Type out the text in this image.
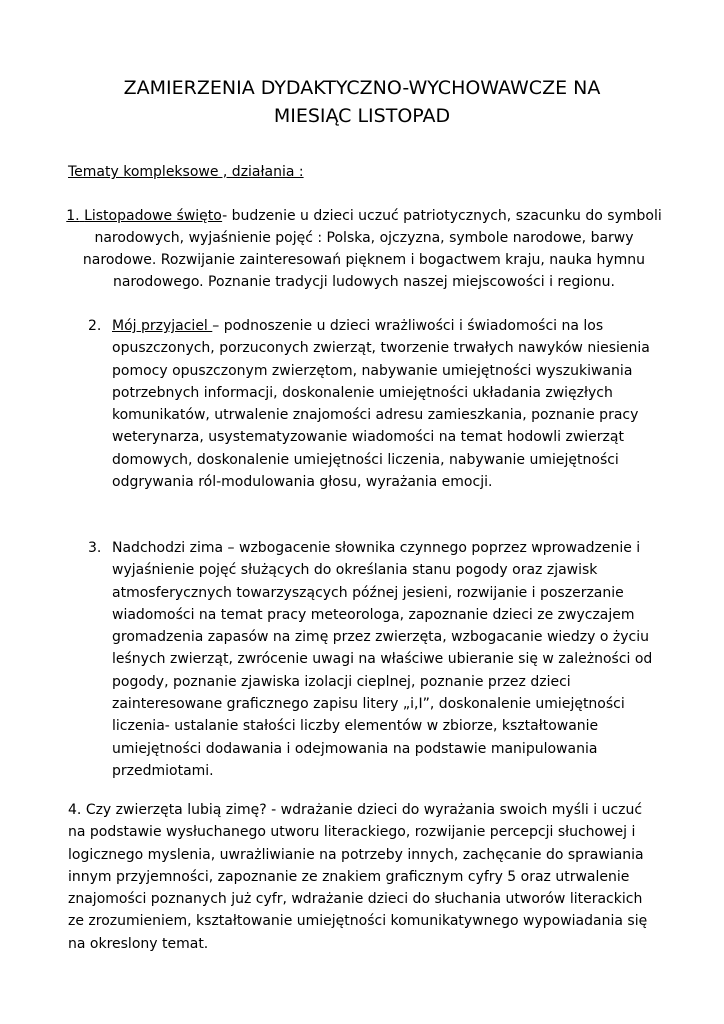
ZAMIERZENIA DYDAKTYCZNO-WYCHOWAWCZE NA
MIESIĄC LISTOPAD
Tematy kompleksowe , działania :
1. Listopadowe święto- budzenie u dzieci uczuć patriotycznych, szacunku do symboli narodowych, wyjaśnienie pojęć : Polska, ojczyzna, symbole narodowe, barwy narodowe. Rozwijanie zainteresowań pięknem i bogactwem kraju, nauka hymnu narodowego. Poznanie tradycji ludowych naszej miejscowości i regionu.
2. Mój przyjaciel – podnoszenie u dzieci wrażliwości i świadomości na los opuszczonych, porzuconych zwierząt, tworzenie trwałych nawyków niesienia pomocy opuszczonym zwierzętom, nabywanie umiejętności wyszukiwania potrzebnych informacji, doskonalenie umiejętności układania zwięzłych komunikatów, utrwalenie znajomości adresu zamieszkania, poznanie pracy weterynarza, usystematyzowanie wiadomości na temat hodowli zwierząt domowych, doskonalenie umiejętności liczenia, nabywanie umiejętności odgrywania ról-modulowania głosu, wyrażania emocji.
3. Nadchodzi zima – wzbogacenie słownika czynnego poprzez wprowadzenie i wyjaśnienie pojęć służących do określania stanu pogody oraz zjawisk atmosferycznych towarzyszących późnej jesieni, rozwijanie i poszerzanie wiadomości na temat pracy meteorologa, zapoznanie dzieci ze zwyczajem gromadzenia zapasów na zimę przez zwierzęta, wzbogacanie wiedzy o życiu leśnych zwierząt, zwrócenie uwagi na właściwe ubieranie się w zależności od pogody, poznanie zjawiska izolacji cieplnej, poznanie przez dzieci zainteresowane graficznego zapisu litery „i,I”, doskonalenie umiejętności liczenia- ustalanie stałości liczby elementów w zbiorze, kształtowanie umiejętności dodawania i odejmowania na podstawie manipulowania przedmiotami.
4. Czy zwierzęta lubią zimę? - wdrażanie dzieci do wyrażania swoich myśli i uczuć na podstawie wysłuchanego utworu literackiego, rozwijanie percepcji słuchowej i logicznego myslenia, uwrażliwianie na potrzeby innych, zachęcanie do sprawiania innym przyjemności, zapoznanie ze znakiem graficznym cyfry 5 oraz utrwalenie znajomości poznanych już cyfr, wdrażanie dzieci do słuchania utworów literackich ze zrozumieniem, kształtowanie umiejętności komunikatywnego wypowiadania się na okreslony temat.
